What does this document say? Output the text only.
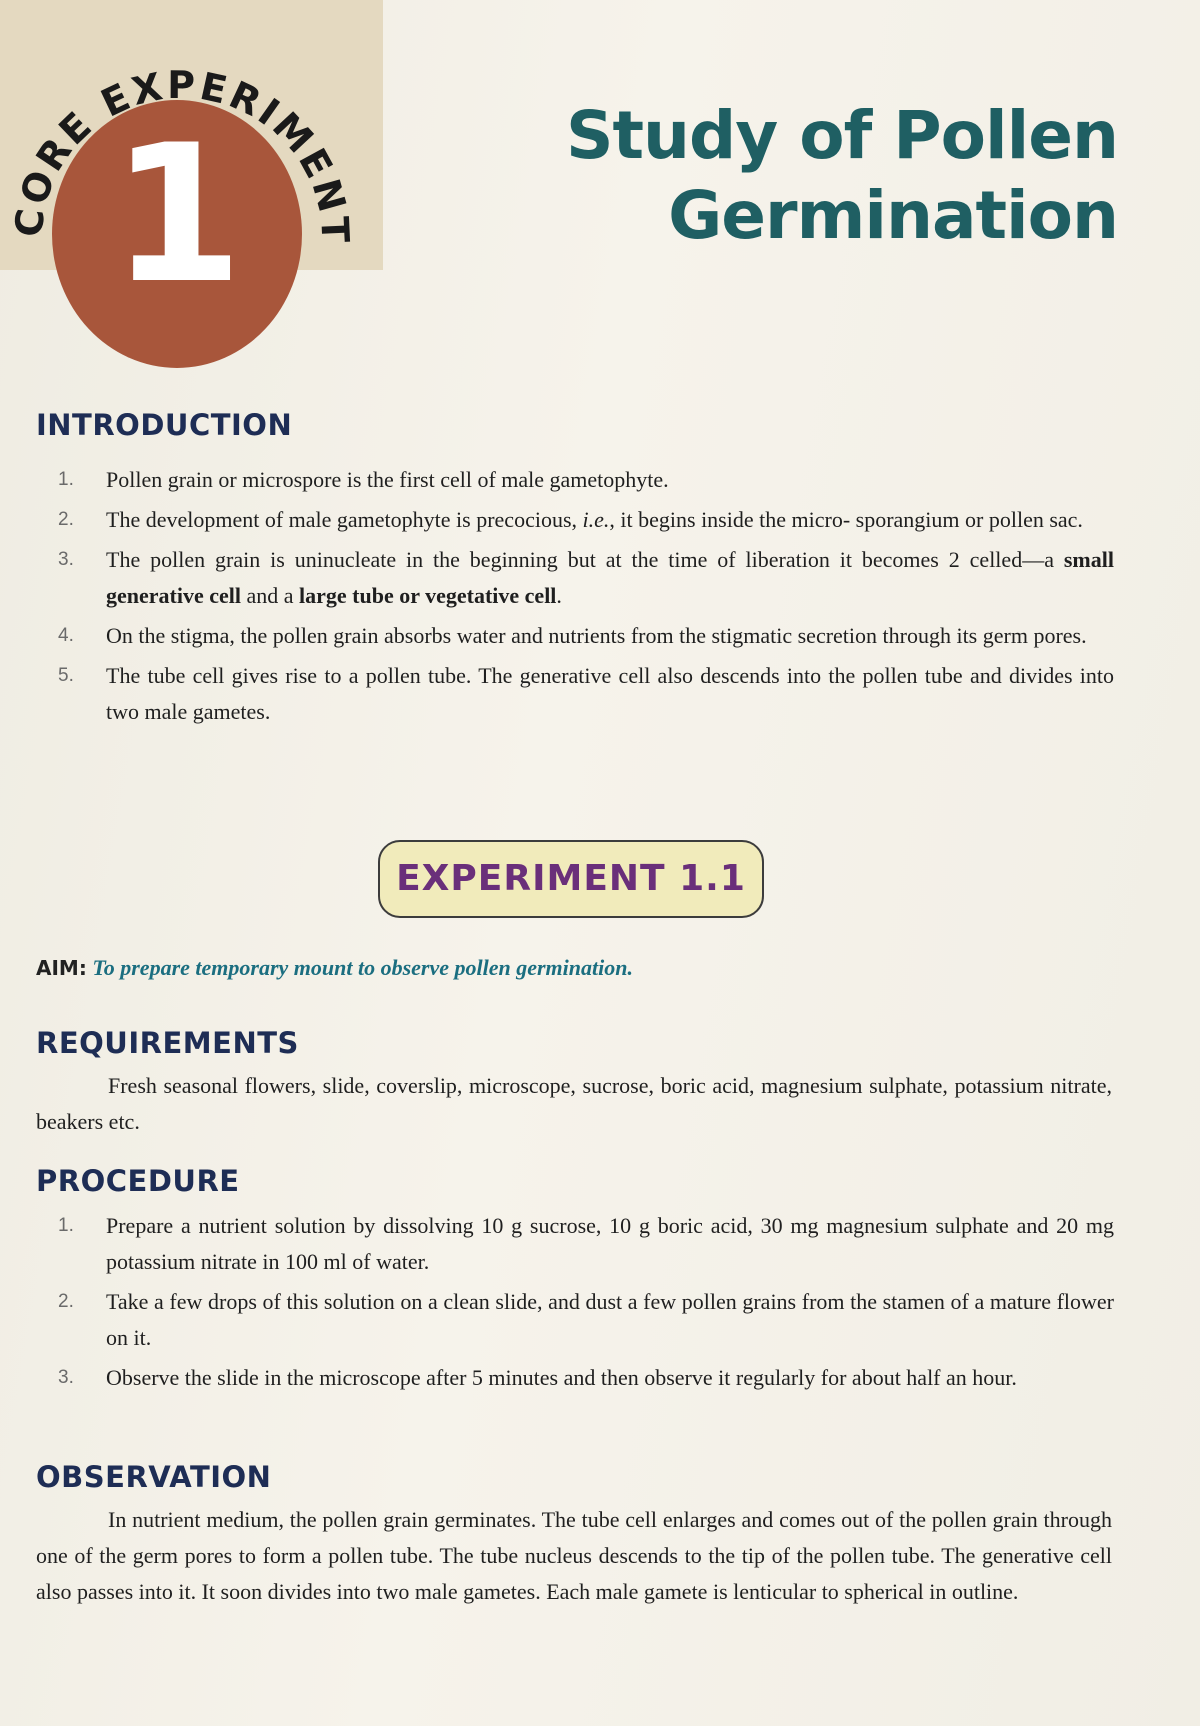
1
CORE EXPERIMENT
Study of Pollen
Germination
INTRODUCTION
1. Pollen grain or microspore is the first cell of male gametophyte.
2. The development of male gametophyte is precocious, i.e., it begins inside the micro- sporangium or pollen sac.
3. The pollen grain is uninucleate in the beginning but at the time of liberation it becomes 2 celled—a small generative cell and a large tube or vegetative cell.
4. On the stigma, the pollen grain absorbs water and nutrients from the stigmatic secretion through its germ pores.
5. The tube cell gives rise to a pollen tube. The generative cell also descends into the pollen tube and divides into two male gametes.
EXPERIMENT 1.1
AIM: To prepare temporary mount to observe pollen germination.
REQUIREMENTS

Fresh seasonal flowers, slide, coverslip, microscope, sucrose, boric acid, magnesium sulphate, potassium nitrate, beakers etc.

PROCEDURE
1. Prepare a nutrient solution by dissolving 10 g sucrose, 10 g boric acid, 30 mg magnesium sulphate and 20 mg potassium nitrate in 100 ml of water.
2. Take a few drops of this solution on a clean slide, and dust a few pollen grains from the stamen of a mature flower on it.
3. Observe the slide in the microscope after 5 minutes and then observe it regularly for about half an hour.
OBSERVATION

In nutrient medium, the pollen grain germinates. The tube cell enlarges and comes out of the pollen grain through one of the germ pores to form a pollen tube. The tube nucleus descends to the tip of the pollen tube. The generative cell also passes into it. It soon divides into two male gametes. Each male gamete is lenticular to spherical in outline.
